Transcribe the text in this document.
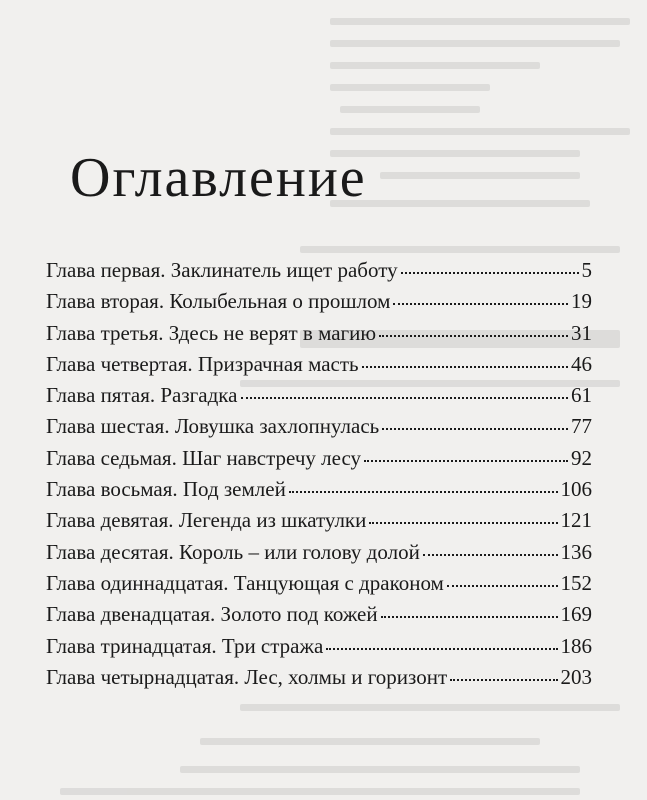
Оглавление
Глава первая. Заклинатель ищет работу	5
Глава вторая. Колыбельная о прошлом	19
Глава третья. Здесь не верят в магию	31
Глава четвертая. Призрачная масть	46
Глава пятая. Разгадка	61
Глава шестая. Ловушка захлопнулась	77
Глава седьмая. Шаг навстречу лесу	92
Глава восьмая. Под землей	106
Глава девятая. Легенда из шкатулки	121
Глава десятая. Король – или голову долой	136
Глава одиннадцатая. Танцующая с драконом	152
Глава двенадцатая. Золото под кожей	169
Глава тринадцатая. Три стража	186
Глава четырнадцатая. Лес, холмы и горизонт	203
